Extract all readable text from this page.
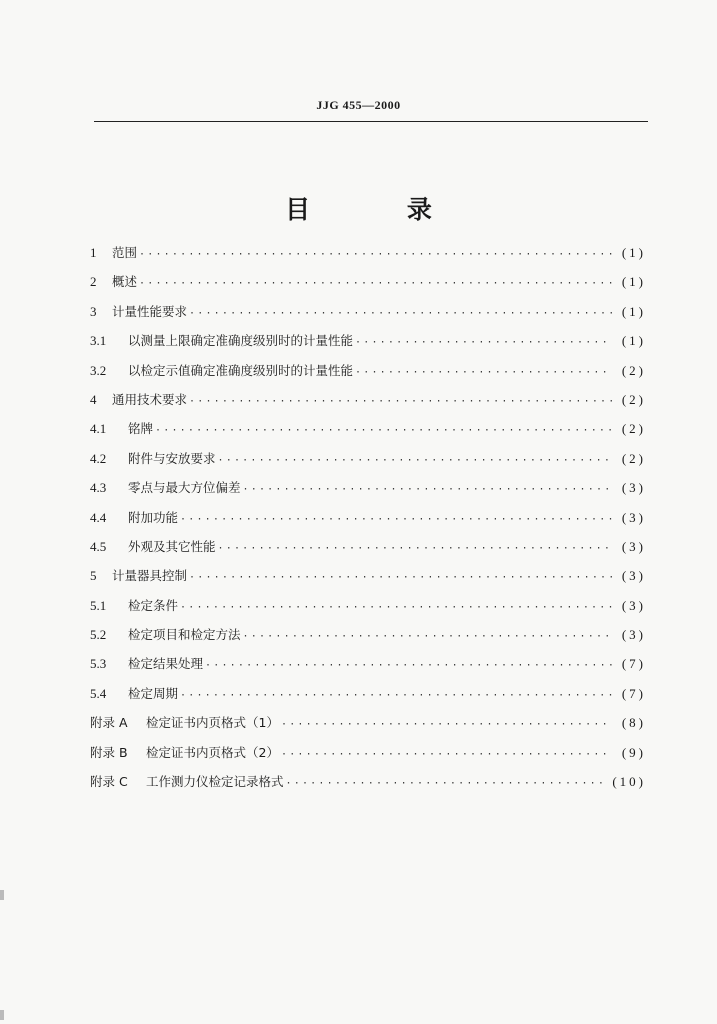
JJG 455—2000
目 录
1	范围 ·····	(1)
2	概述 ·····	(1)
3	计量性能要求 ·····	(1)
3.1	以测量上限确定准确度级别时的计量性能 ·····	(1)
3.2	以检定示值确定准确度级别时的计量性能 ·····	(2)
4	通用技术要求 ·····	(2)
4.1	铭牌 ·····	(2)
4.2	附件与安放要求 ·····	(2)
4.3	零点与最大方位偏差 ·····	(3)
4.4	附加功能 ·····	(3)
4.5	外观及其它性能 ·····	(3)
5	计量器具控制 ·····	(3)
5.1	检定条件 ·····	(3)
5.2	检定项目和检定方法 ·····	(3)
5.3	检定结果处理 ·····	(7)
5.4	检定周期 ·····	(7)
附录 A	检定证书内页格式（1） ·····	(8)
附录 B	检定证书内页格式（2） ·····	(9)
附录 C	工作测力仪检定记录格式 ·····	(10)
